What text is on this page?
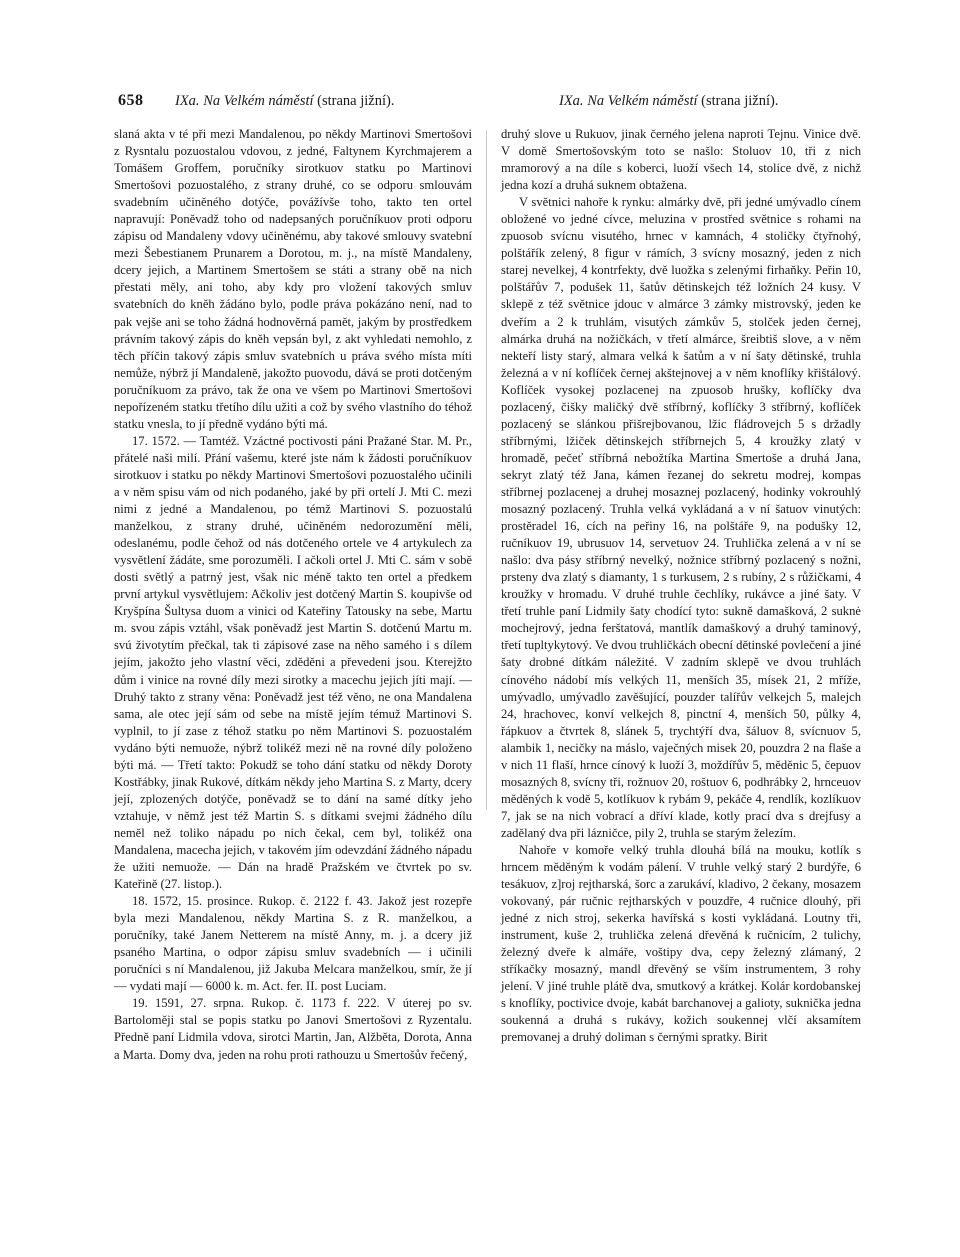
658 IXa. Na Velkém náměstí (strana jižní).	IXa. Na Velkém náměstí (strana jižní).

slaná akta v té při mezi Mandalenou, po někdy Martinovi Smertošovi z Rysntalu pozuostalou vdovou, z jedné, Faltynem Kyrchmajerem a Tomášem Groffem, poručníky sirotkuov statku po Martinovi Smertošovi pozuostalého, z strany druhé, co se odporu smlouvám svadebním učiněného dotýče, povážívše toho, takto ten ortel napravují: Poněvadž toho od nadepsaných poručníkuov proti odporu zápisu od Mandaleny vdovy učiněnému, aby takové smlouvy svatební mezi Šebestianem Prunarem a Dorotou, m. j., na místě Mandaleny, dcery jejich, a Martinem Smertošem se státi a strany obě na nich přestati měly, ani toho, aby kdy pro vložení takových smluv svatebních do kněh žádáno bylo, podle práva pokázáno není, nad to pak vejše ani se toho žádná hodnověrná pamět, jakým by prostředkem právním takový zápis do kněh vepsán byl, z akt vyhledati nemohlo, z těch příčin takový zápis smluv svatebních u práva svého místa míti nemůže, nýbrž jí Mandaleně, jakožto puovodu, dává se proti dotčeným poručníkuom za právo, tak že ona ve všem po Martinovi Smertošovi nepořízeném statku třetího dílu užiti a což by svého vlastního do téhož statku vnesla, to jí předně vydáno býti má.

17. 1572. — Tamtéž. Vzáctné poctivosti páni Pražané Star. M. Pr., přátelé naši milí. Přání vašemu, které jste nám k žádosti poručníkuov sirotkuov i statku po někdy Martinovi Smertošovi pozuostalého učinili a v něm spisu vám od nich podaného, jaké by při ortelí J. Mti C. mezi nimi z jedné a Mandalenou, po témž Martinovi S. pozuostalú manželkou, z strany druhé, učiněném nedorozumění měli, odeslanému, podle čehož od nás dotčeného ortele ve 4 artykulech za vysvětlení žádáte, sme porozuměli. I ačkoli ortel J. Mti C. sám v sobě dosti světlý a patrný jest, však nic méně takto ten ortel a předkem první artykul vysvětlujem: Ačkoliv jest dotčený Martin S. koupivše od Kryšpína Šultysa duom a vinici od Kateřiny Tatousky na sebe, Martu m. svou zápis vztáhl, však poněvadž jest Martin S. dotčenú Martu m. svú životytím přečkal, tak ti zápisové zase na něho samého i s dílem jejím, jakožto jeho vlastní věci, zděděni a převedeni jsou. Kterejžto dům i vinice na rovné díly mezi sirotky a macechu jejich jíti mají. — Druhý takto z strany věna: Poněvadž jest též věno, ne ona Mandalena sama, ale otec její sám od sebe na místě jejím témuž Martinovi S. vyplnil, to jí zase z téhož statku po něm Martinovi S. pozuostalém vydáno býti nemuože, nýbrž tolikéž mezi ně na rovné díly položeno býti má. — Třetí takto: Pokudž se toho dání statku od někdy Doroty Kostřábky, jinak Rukové, dítkám někdy jeho Martina S. z Marty, dcery její, zplozených dotýče, poněvadž se to dání na samé dítky jeho vztahuje, v němž jest též Martin S. s dítkami svejmi žádného dílu neměl než toliko nápadu po nich čekal, cem byl, tolikéž ona Mandalena, macecha jejich, v takovém jím odevzdání žádného nápadu že užiti nemuože. — Dán na hradě Pražském ve čtvrtek po sv. Kateřině (27. listop.).

18. 1572, 15. prosince. Rukop. č. 2122 f. 43. Jakož jest rozepře byla mezi Mandalenou, někdy Martina S. z R. manželkou, a poručníky, také Janem Netterem na místě Anny, m. j. a dcery již psaného Martina, o odpor zápisu smluv svadebních — i učinili poručníci s ní Mandalenou, již Jakuba Melcara manželkou, smír, že jí — vydati mají — 6000 k. m. Act. fer. II. post Luciam.

19. 1591, 27. srpna. Rukop. č. 1173 f. 222. V úterej po sv. Bartoloměji stal se popis statku po Janovi Smertošovi z Ryzentalu. Předně paní Lidmila vdova, sirotci Martin, Jan, Alžběta, Dorota, Anna a Marta. Domy dva, jeden na rohu proti rathouzu u Smertošův řečený,

druhý slove u Rukuov, jinak černého jelena naproti Tejnu. Vinice dvě. V domě Smertošovským toto se našlo: Stoluov 10, tři z nich mramorový a na díle s koberci, luoží všech 14, stolice dvě, z nichž jedna kozí a druhá suknem obtažena.

V světnici nahoře k rynku: almárky dvě, při jedné umývadlo cínem obložené vo jedné cívce, meluzina v prostřed světnice s rohami na zpuosob svícnu visutého, hrnec v kamnách, 4 stoličky čtyřnohý, polštářík zelený, 8 figur v rámích, 3 svícny mosazný, jeden z nich starej nevelkej, 4 kontrfekty, dvě luožka s zelenými firhaňky. Peřin 10, polštářův 7, podušek 11, šatův dětinskejch též ložních 24 kusy. V sklepě z též světnice jdouc v almárce 3 zámky mistrovský, jeden ke dveřím a 2 k truhlám, visutých zámkův 5, stolček jeden černej, almárka druhá na nožičkách, v třetí almárce, šreibtiš slove, a v něm nekteří listy starý, almara velká k šatům a v ní šaty dětinské, truhla železná a v ní koflíček černej akštejnovej a v něm knoflíky křištálový. Koflíček vysokej pozlacenej na zpuosob hrušky, koflíčky dva pozlacený, čišky maličký dvě stříbrný, koflíčky 3 stříbrný, koflíček pozlacený se slánkou přišrejbovanou, lžic fládrovejch 5 s držadly stříbrnými, lžiček dětinskejch stříbrnejch 5, 4 kroužky zlatý v hromadě, pečeť stříbrná nebožtíka Martina Smertoše a druhá Jana, sekryt zlatý též Jana, kámen řezanej do sekretu modrej, kompas stříbrnej pozlacenej a druhej mosaznej pozlacený, hodinky vokrouhlý mosazný pozlacený. Truhla velká vykládaná a v ní šatuov vinutých: prostěradel 16, cích na peřiny 16, na polštáře 9, na podušky 12, ručníkuov 19, ubrusuov 14, servetuov 24. Truhlička zelená a v ní se našlo: dva pásy stříbrný nevelký, nožnice stříbrný pozlacený s nožni, prsteny dva zlatý s diamanty, 1 s turkusem, 2 s rubíny, 2 s růžičkami, 4 kroužky v hromadu. V druhé truhle čechlíky, rukávce a jiné šaty. V třetí truhle paní Lidmily šaty chodící tyto: sukně damašková, 2 suknė mochejrový, jedna ferštatová, mantlík damaškový a druhý taminový, třetí tupltykytový. Ve dvou truhličkách obecní dětinské povlečení a jiné šaty drobné dítkám náležité. V zadním sklepě ve dvou truhlách cínového nádobí mís velkých 11, menších 35, mísek 21, 2 mříže, umývadlo, umývadlo zavěšující, pouzder talířův velkejch 5, malejch 24, hrachovec, konví velkejch 8, pinctní 4, menších 50, půlky 4, řápkuov a čtvrtek 8, slánek 5, trychtýří dva, šáluov 8, svícnuov 5, alambik 1, necičky na máslo, vaječných misek 20, pouzdra 2 na flaše a v nich 11 flaší, hrnce cínový k luoží 3, moždířův 5, měděnic 5, čepuov mosazných 8, svícny tři, rožnuov 20, roštuov 6, podhrábky 2, hrnceuov měděných k vodě 5, kotlíkuov k rybám 9, pekáče 4, rendlík, kozlíkuov 7, jak se na nich vobrací a dříví klade, kotly prací dva s drejfusy a zadělaný dva při lázničce, pily 2, truhla se starým železím.

Nahoře v komoře velký truhla dlouhá bílá na mouku, kotlík s hrncem měděným k vodám pálení. V truhle velký starý 2 burdýře, 6 tesákuov, z]roj rejtharská, šorc a zarukáví, kladivo, 2 čekany, mosazem vokovaný, pár ručnic rejtharských v pouzdře, 4 ručnice dlouhý, při jedné z nich stroj, sekerka havířská s kosti vykládaná. Loutny tři, instrument, kuše 2, truhlička zelená dřevěná k ručnicím, 2 tulichy, železný dveře k almáře, voštipy dva, cepy železný zlámaný, 2 stříkačky mosazný, mandl dřevěný se vším instrumentem, 3 rohy jelení. V jiné truhle plátě dva, smutkový a krátkej. Kolár kordobanskej s knoflíky, poctivice dvoje, kabát barchanovej a galioty, suknička jedna soukenná a druhá s rukávy, kožich soukennej vlčí aksamítem premovanej a druhý doliman s černými spratky. Birit
